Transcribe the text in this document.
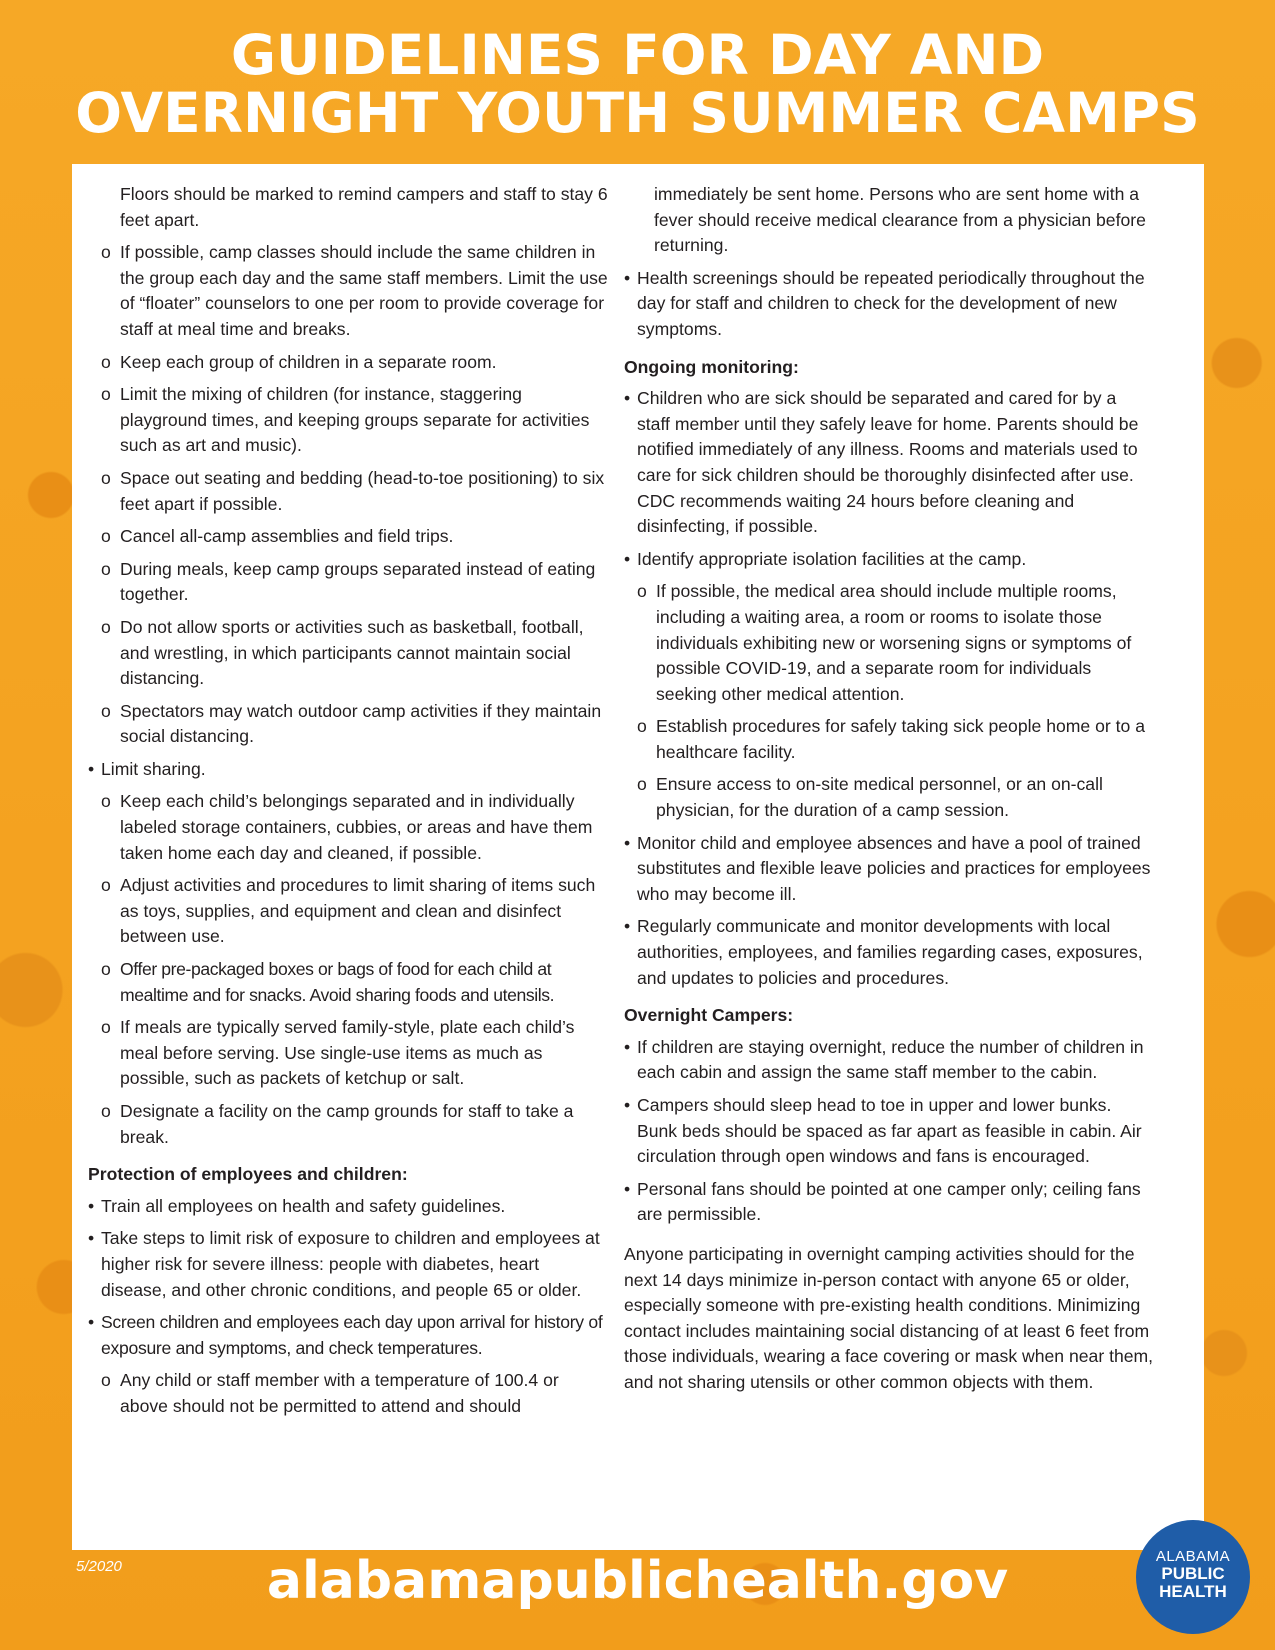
GUIDELINES FOR DAY AND
OVERNIGHT YOUTH SUMMER CAMPS

Floors should be marked to remind campers and staff to stay 6 feet apart.

o If possible, camp classes should include the same children in the group each day and the same staff members. Limit the use of “floater” counselors to one per room to provide coverage for staff at meal time and breaks.
o Keep each group of children in a separate room.
o Limit the mixing of children (for instance, staggering playground times, and keeping groups separate for activities such as art and music).
o Space out seating and bedding (head-to-toe positioning) to six feet apart if possible.
o Cancel all-camp assemblies and field trips.
o During meals, keep camp groups separated instead of eating together.
o Do not allow sports or activities such as basketball, football, and wrestling, in which participants cannot maintain social distancing.
o Spectators may watch outdoor camp activities if they maintain social distancing.
• Limit sharing.
o Keep each child’s belongings separated and in individually labeled storage containers, cubbies, or areas and have them taken home each day and cleaned, if possible.
o Adjust activities and procedures to limit sharing of items such as toys, supplies, and equipment and clean and disinfect between use.
o Offer pre-packaged boxes or bags of food for each child at mealtime and for snacks. Avoid sharing foods and utensils.
o If meals are typically served family-style, plate each child’s meal before serving. Use single-use items as much as possible, such as packets of ketchup or salt.
o Designate a facility on the camp grounds for staff to take a break.
Protection of employees and children:
• Train all employees on health and safety guidelines.
• Take steps to limit risk of exposure to children and employees at higher risk for severe illness: people with diabetes, heart disease, and other chronic conditions, and people 65 or older.
• Screen children and employees each day upon arrival for history of exposure and symptoms, and check temperatures.
o Any child or staff member with a temperature of 100.4 or above should not be permitted to attend and should

immediately be sent home. Persons who are sent home with a fever should receive medical clearance from a physician before returning.

• Health screenings should be repeated periodically throughout the day for staff and children to check for the development of new symptoms.
Ongoing monitoring:
• Children who are sick should be separated and cared for by a staff member until they safely leave for home. Parents should be notified immediately of any illness. Rooms and materials used to care for sick children should be thoroughly disinfected after use. CDC recommends waiting 24 hours before cleaning and disinfecting, if possible.
• Identify appropriate isolation facilities at the camp.
o If possible, the medical area should include multiple rooms, including a waiting area, a room or rooms to isolate those individuals exhibiting new or worsening signs or symptoms of possible COVID-19, and a separate room for individuals seeking other medical attention.
o Establish procedures for safely taking sick people home or to a healthcare facility.
o Ensure access to on-site medical personnel, or an on-call physician, for the duration of a camp session.
• Monitor child and employee absences and have a pool of trained substitutes and flexible leave policies and practices for employees who may become ill.
• Regularly communicate and monitor developments with local authorities, employees, and families regarding cases, exposures, and updates to policies and procedures.
Overnight Campers:
• If children are staying overnight, reduce the number of children in each cabin and assign the same staff member to the cabin.
• Campers should sleep head to toe in upper and lower bunks. Bunk beds should be spaced as far apart as feasible in cabin. Air circulation through open windows and fans is encouraged.
• Personal fans should be pointed at one camper only; ceiling fans are permissible.

Anyone participating in overnight camping activities should for the next 14 days minimize in-person contact with anyone 65 or older, especially someone with pre-existing health conditions. Minimizing contact includes maintaining social distancing of at least 6 feet from those individuals, wearing a face covering or mask when near them, and not sharing utensils or other common objects with them.

5/2020	alabamapublichealth.gov	ALABAMA
PUBLIC
HEALTH
